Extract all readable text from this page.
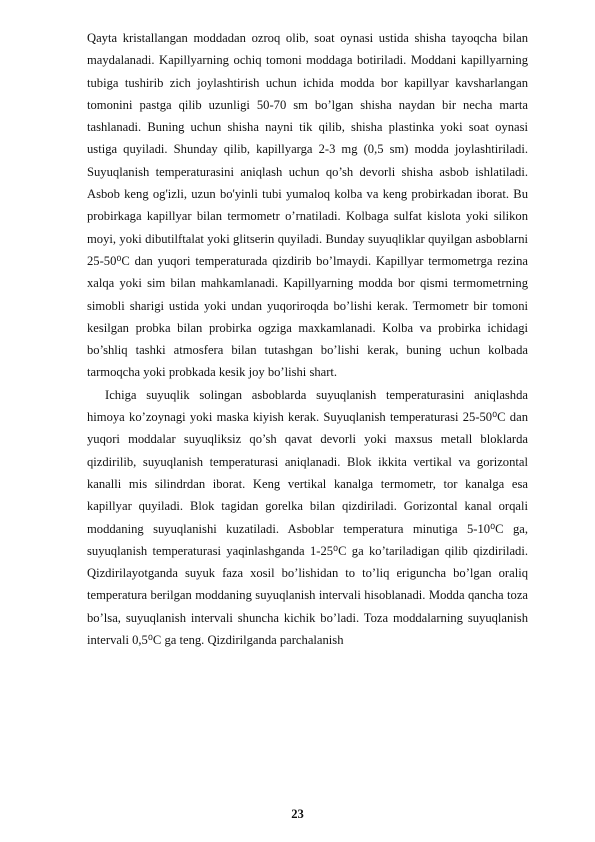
Qayta kristallangan moddadan ozroq olib, soat oynasi ustida shisha tayoqcha bilan maydalanadi. Kapillyarning ochiq tomoni moddaga botiriladi. Moddani kapillyarning tubiga tushirib zich joylashtirish uchun ichida modda bor kapillyar kavsharlangan tomonini pastga qilib uzunligi 50-70 sm bo’lgan shisha naydan bir necha marta tashlanadi. Buning uchun shisha nayni tik qilib, shisha plastinka yoki soat oynasi ustiga quyiladi. Shunday qilib, kapillyarga 2-3 mg (0,5 sm) modda joylashtiriladi. Suyuqlanish temperaturasini aniqlash uchun qo’sh devorli shisha asbob ishlatiladi. Asbob keng og'izli, uzun bo'yinli tubi yumaloq kolba va keng probirkadan iborat. Bu probirkaga kapillyar bilan termometr o’rnatiladi. Kolbaga sulfat kislota yoki silikon moyi, yoki dibutilftalat yoki glitserin quyiladi. Bunday suyuqliklar quyilgan asboblarni 25-50⁰C dan yuqori temperaturada qizdirib bo’lmaydi. Kapillyar termometrga rezina xalqa yoki sim bilan mahkamlanadi. Kapillyarning modda bor qismi termometrning simobli sharigi ustida yoki undan yuqoriroqda bo’lishi kerak. Termometr bir tomoni kesilgan probka bilan probirka ogziga maxkamlanadi. Kolba va probirka ichidagi bo’shliq tashki atmosfera bilan tutashgan bo’lishi kerak, buning uchun kolbada tarmoqcha yoki probkada kesik joy bo’lishi shart.

Ichiga suyuqlik solingan asboblarda suyuqlanish temperaturasini aniqlashda himoya ko’zoynagi yoki maska kiyish kerak. Suyuqlanish temperaturasi 25-50⁰C dan yuqori moddalar suyuqliksiz qo’sh qavat devorli yoki maxsus metall bloklarda qizdirilib, suyuqlanish temperaturasi aniqlanadi. Blok ikkita vertikal va gorizontal kanalli mis silindrdan iborat. Keng vertikal kanalga termometr, tor kanalga esa kapillyar quyiladi. Blok tagidan gorelka bilan qizdiriladi. Gorizontal kanal orqali moddaning suyuqlanishi kuzatiladi. Asboblar temperatura minutiga 5-10⁰C ga, suyuqlanish temperaturasi yaqinlashganda 1-25⁰C ga ko’tariladigan qilib qizdiriladi. Qizdirilayotganda suyuk faza xosil bo’lishidan to to’liq eriguncha bo’lgan oraliq temperatura berilgan moddaning suyuqlanish intervali hisoblanadi. Modda qancha toza bo’lsa, suyuqlanish intervali shuncha kichik bo’ladi. Toza moddalarning suyuqlanish intervali 0,5⁰C ga teng. Qizdirilganda parchalanish

23
